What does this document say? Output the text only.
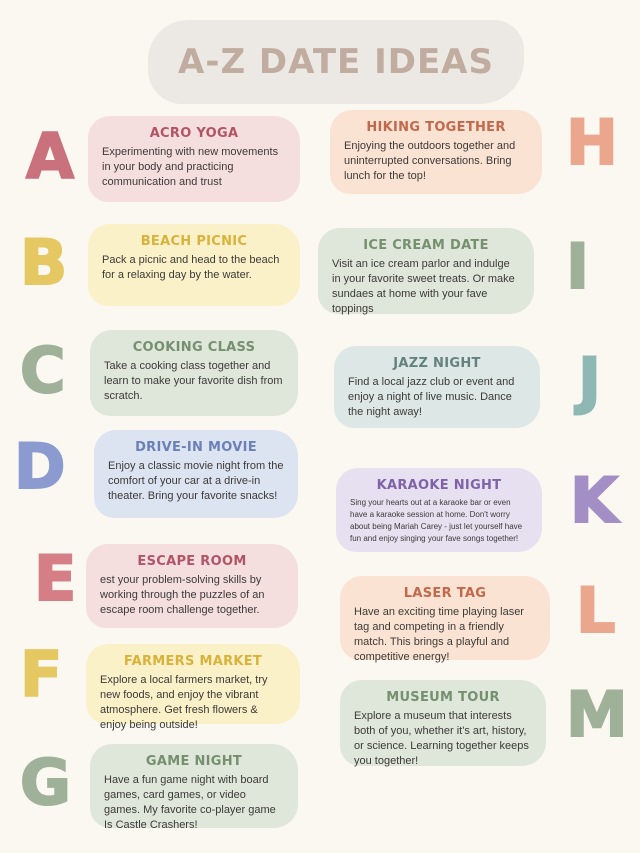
A-Z DATE IDEAS
A
B
C
D
E
F
G
H
I
J
K
L
M
ACRO YOGA
Experimenting with new movements in your body and practicing communication and trust
BEACH PICNIC
Pack a picnic and head to the beach for a relaxing day by the water.
COOKING CLASS
Take a cooking class together and learn to make your favorite dish from scratch.
DRIVE-IN MOVIE
Enjoy a classic movie night from the comfort of your car at a drive-in theater. Bring your favorite snacks!
ESCAPE ROOM
est your problem-solving skills by working through the puzzles of an escape room challenge together.
FARMERS MARKET
Explore a local farmers market, try new foods, and enjoy the vibrant atmosphere. Get fresh flowers & enjoy being outside!
GAME NIGHT
Have a fun game night with board games, card games, or video games. My favorite co-player game Is Castle Crashers!
HIKING TOGETHER
Enjoying the outdoors together and uninterrupted conversations. Bring lunch for the top!
ICE CREAM DATE
Visit an ice cream parlor and indulge in your favorite sweet treats. Or make sundaes at home with your fave toppings
JAZZ NIGHT
Find a local jazz club or event and enjoy a night of live music. Dance the night away!
KARAOKE NIGHT
Sing your hearts out at a karaoke bar or even have a karaoke session at home. Don't worry about being Mariah Carey - just let yourself have fun and enjoy singing your fave songs together!
LASER TAG
Have an exciting time playing laser tag and competing in a friendly match. This brings a playful and competitive energy!
MUSEUM TOUR
Explore a museum that interests both of you, whether it's art, history, or science. Learning together keeps you together!
